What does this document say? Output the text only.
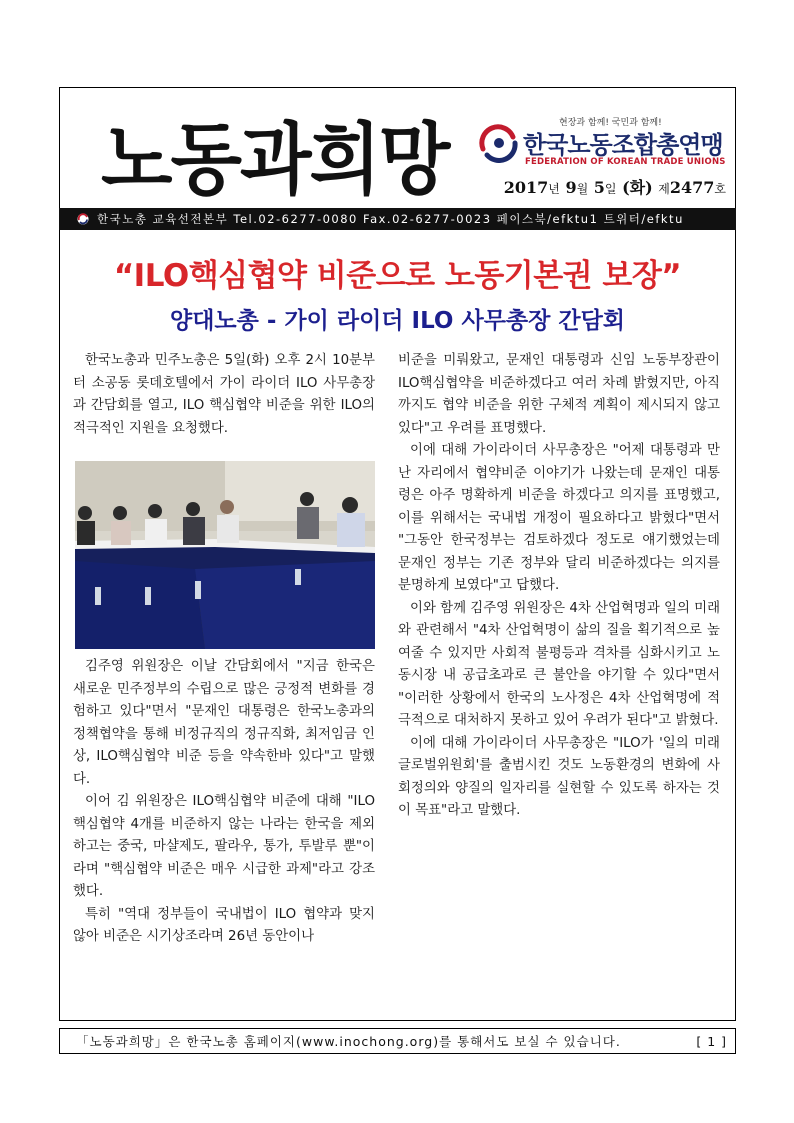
노동과희망	현장과 함께! 국민과 함께!
한국노동조합총연맹
FEDERATION OF KOREAN TRADE UNIONS
2017년 9월 5일 (화) 제2477호
한국노총 교육선전본부 Tel.02-6277-0080 Fax.02-6277-0023 페이스북/efktu1 트위터/efktu
“ILO핵심협약 비준으로 노동기본권 보장”
양대노총 - 가이 라이더 ILO 사무총장 간담회

한국노총과 민주노총은 5일(화) 오후 2시 10분부터 소공동 롯데호텔에서 가이 라이더 ILO 사무총장과 간담회를 열고, ILO 핵심협약 비준을 위한 ILO의 적극적인 지원을 요청했다.

김주영 위원장은 이날 간담회에서 "지금 한국은 새로운 민주정부의 수립으로 많은 긍정적 변화를 경험하고 있다"면서 "문재인 대통령은 한국노총과의 정책협약을 통해 비정규직의 정규직화, 최저임금 인상, ILO핵심협약 비준 등을 약속한바 있다"고 말했다.

이어 김 위원장은 ILO핵심협약 비준에 대해 "ILO 핵심협약 4개를 비준하지 않는 나라는 한국을 제외하고는 중국, 마샬제도, 팔라우, 통가, 투발루 뿐"이라며 "핵심협약 비준은 매우 시급한 과제"라고 강조했다.

특히 "역대 정부들이 국내법이 ILO 협약과 맞지 않아 비준은 시기상조라며 26년 동안이나

비준을 미뤄왔고, 문재인 대통령과 신임 노동부장관이 ILO핵심협약을 비준하겠다고 여러 차례 밝혔지만, 아직까지도 협약 비준을 위한 구체적 계획이 제시되지 않고 있다"고 우려를 표명했다.

이에 대해 가이라이더 사무총장은 "어제 대통령과 만난 자리에서 협약비준 이야기가 나왔는데 문재인 대통령은 아주 명확하게 비준을 하겠다고 의지를 표명했고, 이를 위해서는 국내법 개정이 필요하다고 밝혔다"면서 "그동안 한국정부는 검토하겠다 정도로 얘기했었는데 문재인 정부는 기존 정부와 달리 비준하겠다는 의지를 분명하게 보였다"고 답했다.

이와 함께 김주영 위원장은 4차 산업혁명과 일의 미래와 관련해서 "4차 산업혁명이 삶의 질을 획기적으로 높여줄 수 있지만 사회적 불평등과 격차를 심화시키고 노동시장 내 공급초과로 큰 불안을 야기할 수 있다"면서 "이러한 상황에서 한국의 노사정은 4차 산업혁명에 적극적으로 대처하지 못하고 있어 우려가 된다"고 밝혔다.

이에 대해 가이라이더 사무총장은 "ILO가 '일의 미래 글로벌위원회'를 출범시킨 것도 노동환경의 변화에 사회정의와 양질의 일자리를 실현할 수 있도록 하자는 것이 목표"라고 말했다.

「노동과희망」은 한국노총 홈페이지(www.inochong.org)를 통해서도 보실 수 있습니다.	[ 1 ]
